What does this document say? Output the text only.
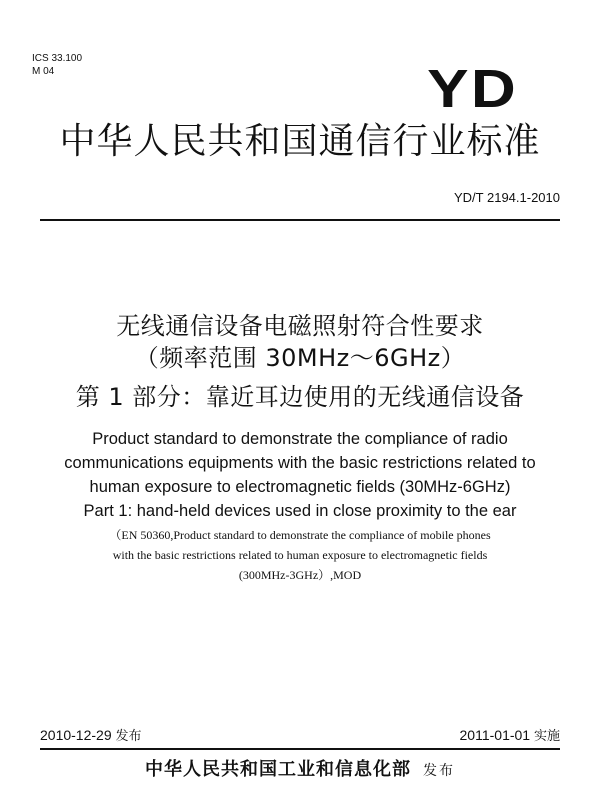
ICS 33.100
M 04	YD
中华人民共和国通信行业标准
YD/T 2194.1-2010
无线通信设备电磁照射符合性要求
（频率范围 30MHz～6GHz）
第 1 部分：靠近耳边使用的无线通信设备
Product standard to demonstrate the compliance of radio
communications equipments with the basic restrictions related to
human exposure to electromagnetic fields (30MHz-6GHz)
Part 1: hand-held devices used in close proximity to the ear
（EN 50360,Product standard to demonstrate the compliance of mobile phones
with the basic restrictions related to human exposure to electromagnetic fields
(300MHz-3GHz）,MOD
2010-12-29 发布	2011-01-01 实施
中华人民共和国工业和信息化部 发布
